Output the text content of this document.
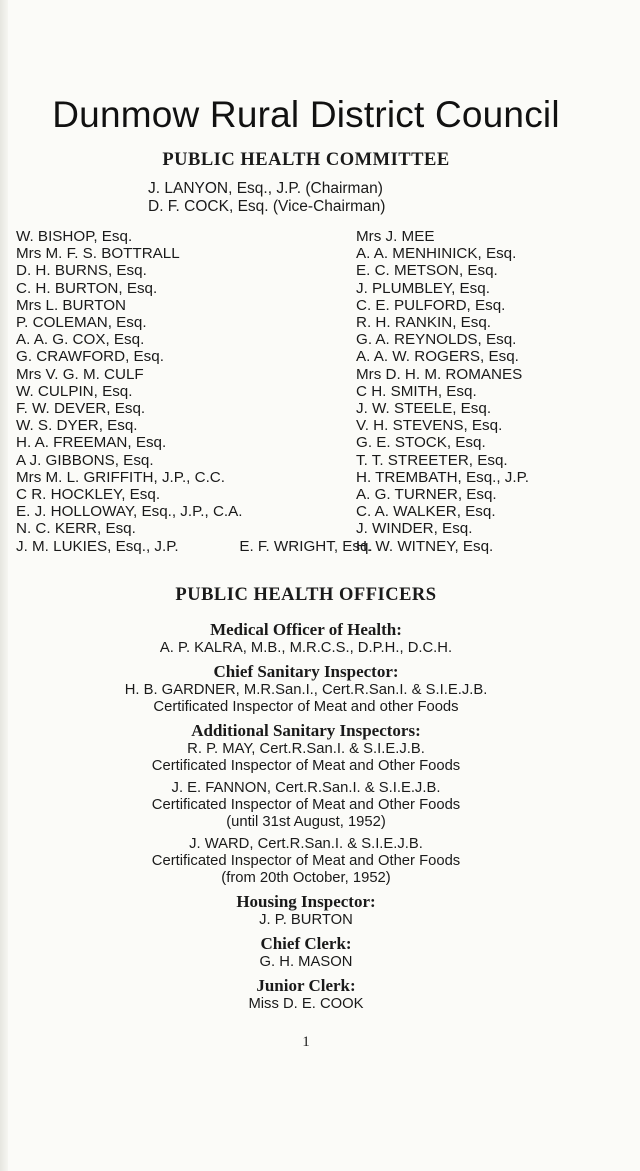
Dunmow Rural District Council
PUBLIC HEALTH COMMITTEE
J. LANYON, Esq., J.P. (Chairman)
D. F. COCK, Esq. (Vice-Chairman)
W. BISHOP, Esq.
Mrs M. F. S. BOTTRALL
D. H. BURNS, Esq.
C. H. BURTON, Esq.
Mrs L. BURTON
P. COLEMAN, Esq.
A. A. G. COX, Esq.
G. CRAWFORD, Esq.
Mrs V. G. M. CULF
W. CULPIN, Esq.
F. W. DEVER, Esq.
W. S. DYER, Esq.
H. A. FREEMAN, Esq.
A J. GIBBONS, Esq.
Mrs M. L. GRIFFITH, J.P., C.C.
C R. HOCKLEY, Esq.
E. J. HOLLOWAY, Esq., J.P., C.A.
N. C. KERR, Esq.
J. M. LUKIES, Esq., J.P.
Mrs J. MEE
A. A. MENHINICK, Esq.
E. C. METSON, Esq.
J. PLUMBLEY, Esq.
C. E. PULFORD, Esq.
R. H. RANKIN, Esq.
G. A. REYNOLDS, Esq.
A. A. W. ROGERS, Esq.
Mrs D. H. M. ROMANES
C H. SMITH, Esq.
J. W. STEELE, Esq.
V. H. STEVENS, Esq.
G. E. STOCK, Esq.
T. T. STREETER, Esq.
H. TREMBATH, Esq., J.P.
A. G. TURNER, Esq.
C. A. WALKER, Esq.
J. WINDER, Esq.
H. W. WITNEY, Esq.
E. F. WRIGHT, Esq.
PUBLIC HEALTH OFFICERS
Medical Officer of Health:
A. P. KALRA, M.B., M.R.C.S., D.P.H., D.C.H.
Chief Sanitary Inspector:
H. B. GARDNER, M.R.San.I., Cert.R.San.I. & S.I.E.J.B.
Certificated Inspector of Meat and other Foods
Additional Sanitary Inspectors:
R. P. MAY, Cert.R.San.I. & S.I.E.J.B.
Certificated Inspector of Meat and Other Foods
J. E. FANNON, Cert.R.San.I. & S.I.E.J.B.
Certificated Inspector of Meat and Other Foods
(until 31st August, 1952)
J. WARD, Cert.R.San.I. & S.I.E.J.B.
Certificated Inspector of Meat and Other Foods
(from 20th October, 1952)
Housing Inspector:
J. P. BURTON
Chief Clerk:
G. H. MASON
Junior Clerk:
Miss D. E. COOK
1
